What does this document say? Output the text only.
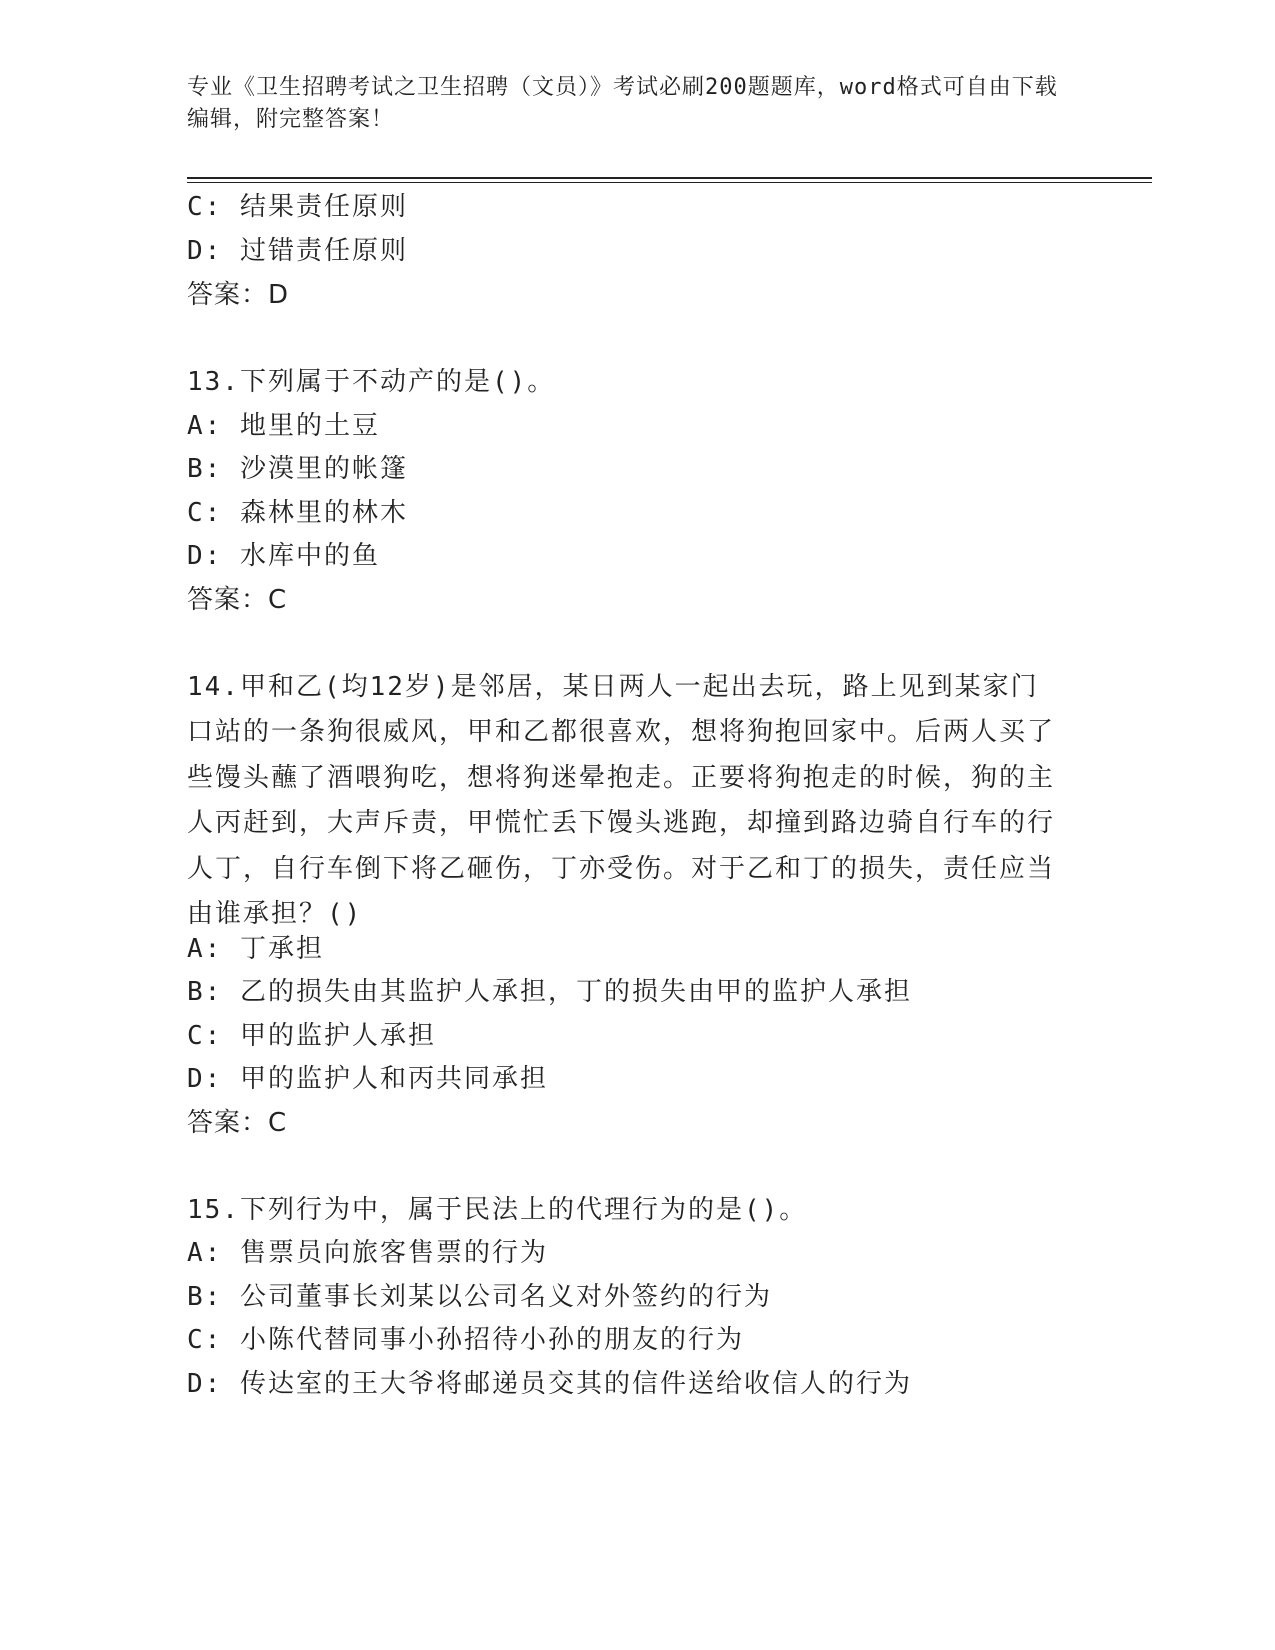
专业《卫生招聘考试之卫生招聘（文员）》考试必刷200题题库，word格式可自由下载编辑，附完整答案！
C: 结果责任原则
D: 过错责任原则
答案：D
13.下列属于不动产的是()。
A: 地里的土豆
B: 沙漠里的帐篷
C: 森林里的林木
D: 水库中的鱼
答案：C
14.甲和乙(均12岁)是邻居，某日两人一起出去玩，路上见到某家门口站的一条狗很威风，甲和乙都很喜欢，想将狗抱回家中。后两人买了些馒头蘸了酒喂狗吃，想将狗迷晕抱走。正要将狗抱走的时候，狗的主人丙赶到，大声斥责，甲慌忙丢下馒头逃跑，却撞到路边骑自行车的行人丁，自行车倒下将乙砸伤，丁亦受伤。对于乙和丁的损失，责任应当由谁承担？()
A: 丁承担
B: 乙的损失由其监护人承担，丁的损失由甲的监护人承担
C: 甲的监护人承担
D: 甲的监护人和丙共同承担
答案：C
15.下列行为中，属于民法上的代理行为的是()。
A: 售票员向旅客售票的行为
B: 公司董事长刘某以公司名义对外签约的行为
C: 小陈代替同事小孙招待小孙的朋友的行为
D: 传达室的王大爷将邮递员交其的信件送给收信人的行为
